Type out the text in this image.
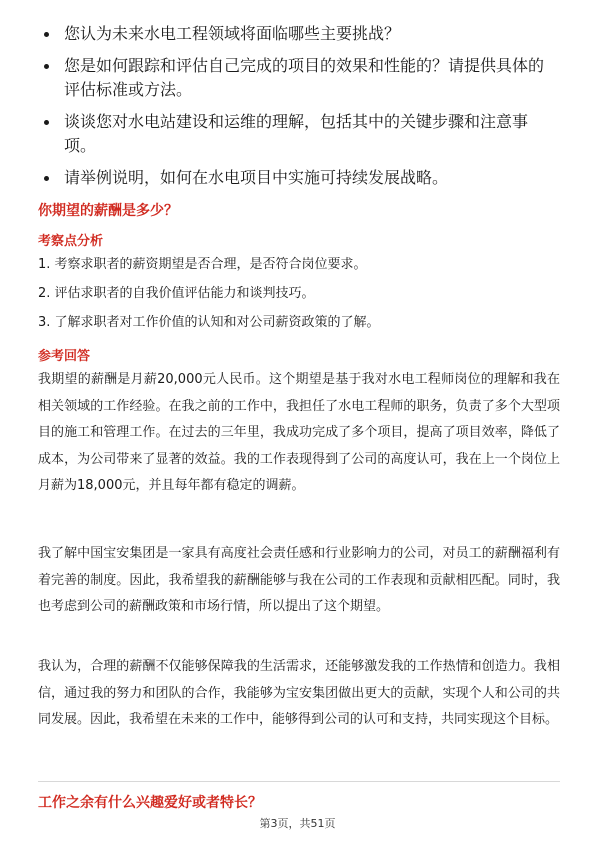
您认为未来水电工程领域将面临哪些主要挑战？
您是如何跟踪和评估自己完成的项目的效果和性能的？请提供具体的评估标准或方法。
谈谈您对水电站建设和运维的理解，包括其中的关键步骤和注意事项。
请举例说明，如何在水电项目中实施可持续发展战略。
你期望的薪酬是多少？
考察点分析
1. 考察求职者的薪资期望是否合理，是否符合岗位要求。
2. 评估求职者的自我价值评估能力和谈判技巧。
3. 了解求职者对工作价值的认知和对公司薪资政策的了解。
参考回答
我期望的薪酬是月薪20,000元人民币。这个期望是基于我对水电工程师岗位的理解和我在相关领域的工作经验。在我之前的工作中，我担任了水电工程师的职务，负责了多个大型项目的施工和管理工作。在过去的三年里，我成功完成了多个项目，提高了项目效率，降低了成本，为公司带来了显著的效益。我的工作表现得到了公司的高度认可，我在上一个岗位上月薪为18,000元，并且每年都有稳定的调薪。
我了解中国宝安集团是一家具有高度社会责任感和行业影响力的公司，对员工的薪酬福利有着完善的制度。因此，我希望我的薪酬能够与我在公司的工作表现和贡献相匹配。同时，我也考虑到公司的薪酬政策和市场行情，所以提出了这个期望。
我认为，合理的薪酬不仅能够保障我的生活需求，还能够激发我的工作热情和创造力。我相信，通过我的努力和团队的合作，我能够为宝安集团做出更大的贡献，实现个人和公司的共同发展。因此，我希望在未来的工作中，能够得到公司的认可和支持，共同实现这个目标。
工作之余有什么兴趣爱好或者特长？
第3页，共51页
